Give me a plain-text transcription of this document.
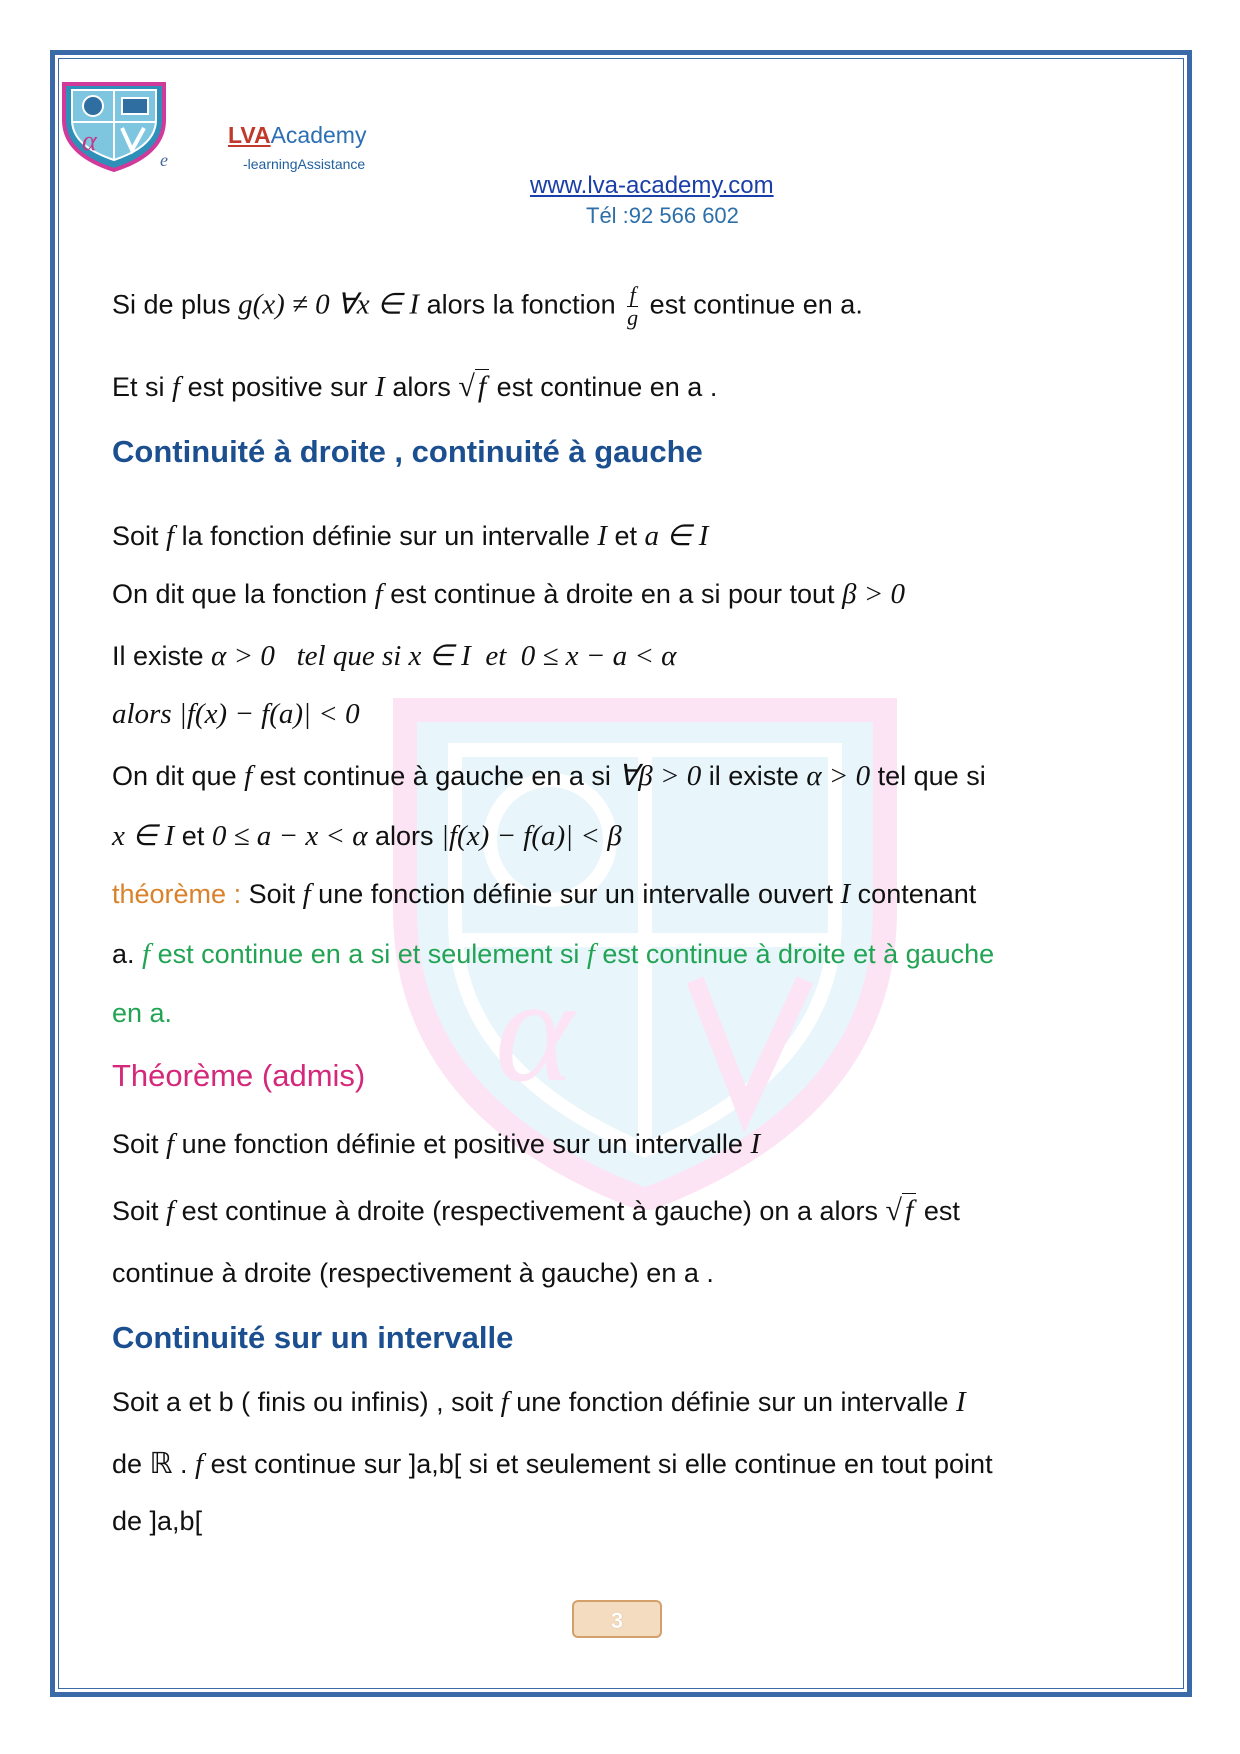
α
α
e
LVAAcademy
-learningAssistance
www.lva-academy.com
Tél :92 566 602
Si de plus g(x) ≠ 0 ∀x ∈ I alors la fonction $\frac{f}{g}$ est continue en a.
Et si f est positive sur I alors √ f est continue en a .
Continuité à droite , continuité à gauche
Soit f la fonction définie sur un intervalle I et a ∈ I
On dit que la fonction f est continue à droite en a si pour tout β > 0
Il existe α > 0   tel que si x ∈ I  et  0 ≤ x − a < α
alors |f(x) − f(a)| < 0
On dit que f est continue à gauche en a si ∀β > 0 il existe α > 0 tel que si
x ∈ I et 0 ≤ a − x < α alors |f(x) − f(a)| < β
théorème : Soit f une fonction définie sur un intervalle ouvert I contenant
a. f est continue en a si et seulement si f est continue à droite et à gauche
en a.
Théorème (admis)
Soit f une fonction définie et positive sur un intervalle I
Soit f est continue à droite (respectivement à gauche) on a alors √ f est
continue à droite (respectivement à gauche) en a .
Continuité sur un intervalle
Soit a et b ( finis ou infinis) , soit f une fonction définie sur un intervalle I
de ℝ . f est continue sur ]a,b[ si et seulement si elle continue en tout point
de ]a,b[
3
